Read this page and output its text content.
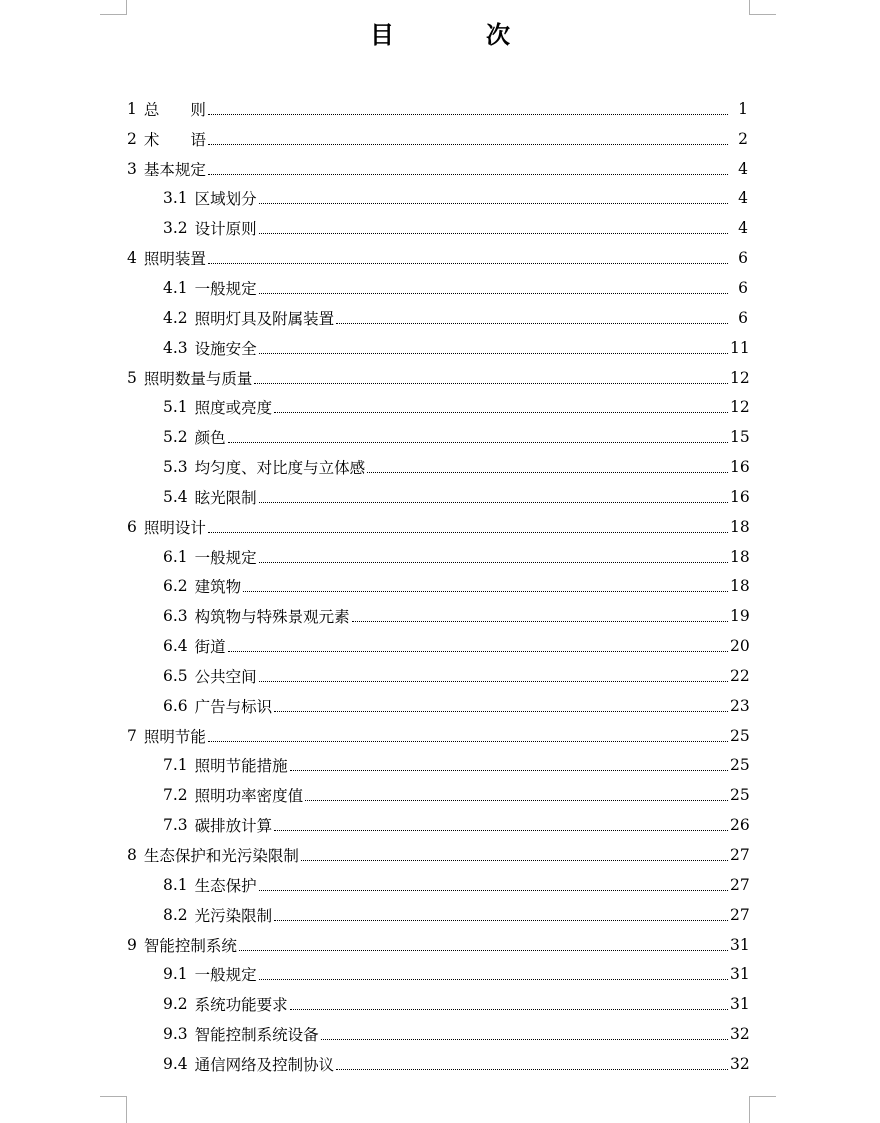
目　次
1 总　　则	1
2 术　　语	2
3 基本规定	4
3.1 区域划分	4
3.2 设计原则	4
4 照明装置	6
4.1 一般规定	6
4.2 照明灯具及附属装置	6
4.3 设施安全	11
5 照明数量与质量	12
5.1 照度或亮度	12
5.2 颜色	15
5.3 均匀度、对比度与立体感	16
5.4 眩光限制	16
6 照明设计	18
6.1 一般规定	18
6.2 建筑物	18
6.3 构筑物与特殊景观元素	19
6.4 街道	20
6.5 公共空间	22
6.6 广告与标识	23
7 照明节能	25
7.1 照明节能措施	25
7.2 照明功率密度值	25
7.3 碳排放计算	26
8 生态保护和光污染限制	27
8.1 生态保护	27
8.2 光污染限制	27
9 智能控制系统	31
9.1 一般规定	31
9.2 系统功能要求	31
9.3 智能控制系统设备	32
9.4 通信网络及控制协议	32
